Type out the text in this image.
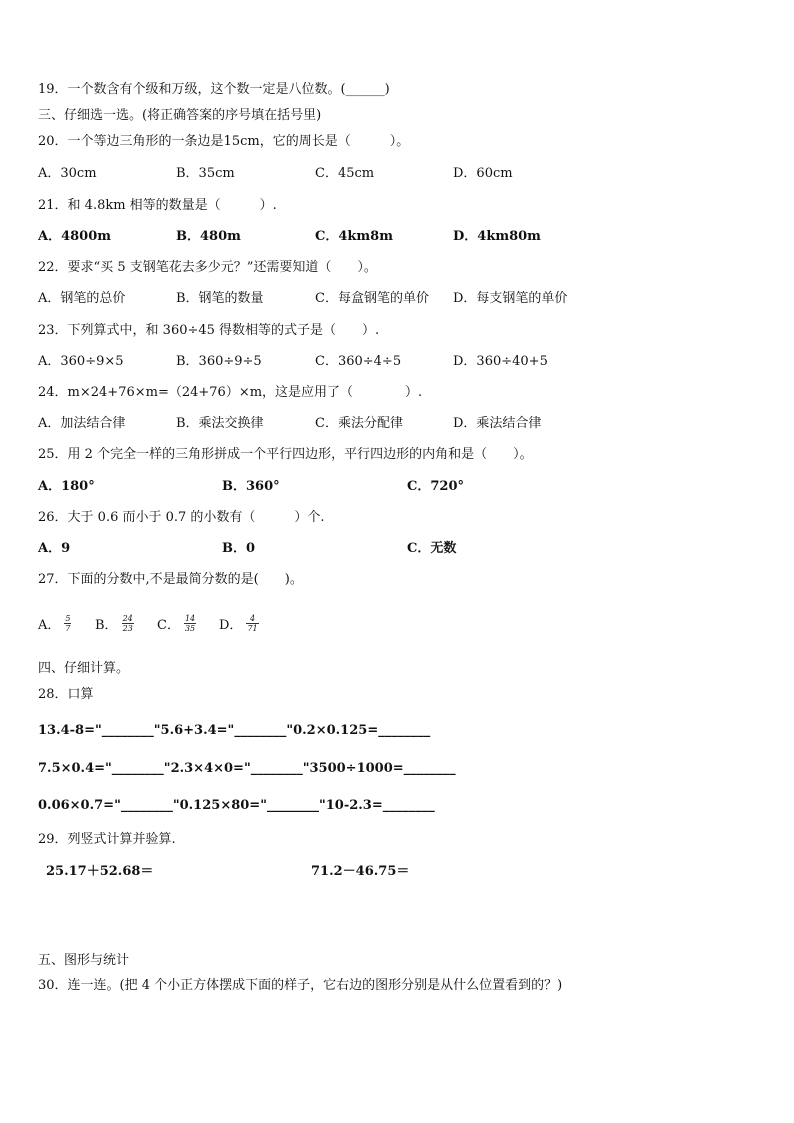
19．一个数含有个级和万级，这个数一定是八位数。(______)
三、仔细选一选。(将正确答案的序号填在括号里)
20．一个等边三角形的一条边是15cm，它的周长是（　　　）。
A．30cm	B．35cm	C．45cm	D．60cm
21．和 4.8km 相等的数量是（　　　）.
A．4800m	B．480m	C．4km8m	D．4km80m
22．要求“买 5 支钢笔花去多少元？”还需要知道（　　）。
A．钢笔的总价	B．钢笔的数量	C．每盒钢笔的单价 D．每支钢笔的单价
23．下列算式中，和 360÷45 得数相等的式子是（　　）.
A．360÷9×5	B．360÷9÷5	C．360÷4÷5	D．360÷40+5
24．m×24+76×m=（24+76）×m，这是应用了（　　　　）.
A．加法结合律	B．乘法交换律	C．乘法分配律	D．乘法结合律
25．用 2 个完全一样的三角形拼成一个平行四边形，平行四边形的内角和是（　　）。
A．180°	B．360°	C．720°
26．大于 0.6 而小于 0.7 的小数有（　　　）个.
A．9	B．0	C．无数
27．下面的分数中,不是最简分数的是(　　)。
A． $\frac{5}{7}$ B． $\frac{24}{23}$ C． $\frac{14}{35}$ D． $\frac{4}{71}$
四、仔细计算。
28．口算
13.4-8="________"5.6+3.4="________"0.2×0.125=________
7.5×0.4="________"2.3×4×0="________"3500÷1000=________
0.06×0.7="________"0.125×80="________"10-2.3=________
29．列竖式计算并验算.
25.17＋52.68＝	71.2－46.75＝
五、图形与统计
30．连一连。(把 4 个小正方体摆成下面的样子，它右边的图形分别是从什么位置看到的？)
